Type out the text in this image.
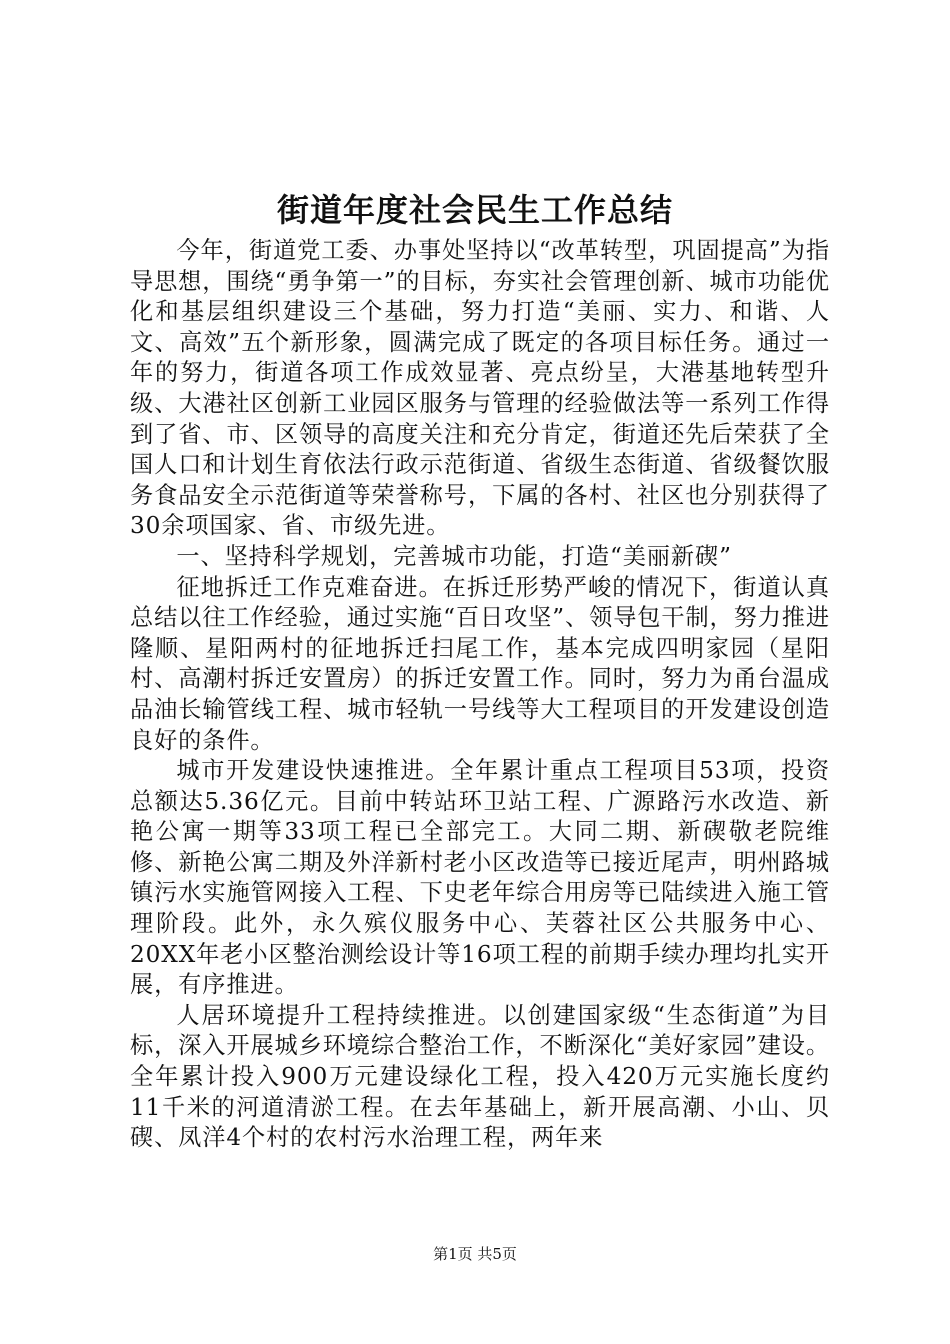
街道年度社会民生工作总结

今年，街道党工委、办事处坚持以“改革转型，巩固提高”为指导思想，围绕“勇争第一”的目标，夯实社会管理创新、城市功能优化和基层组织建设三个基础，努力打造“美丽、实力、和谐、人文、高效”五个新形象，圆满完成了既定的各项目标任务。通过一年的努力，街道各项工作成效显著、亮点纷呈，大港基地转型升级、大港社区创新工业园区服务与管理的经验做法等一系列工作得到了省、市、区领导的高度关注和充分肯定，街道还先后荣获了全国人口和计划生育依法行政示范街道、省级生态街道、省级餐饮服务食品安全示范街道等荣誉称号，下属的各村、社区也分别获得了30余项国家、省、市级先进。

一、坚持科学规划，完善城市功能，打造“美丽新碶”

征地拆迁工作克难奋进。在拆迁形势严峻的情况下，街道认真总结以往工作经验，通过实施“百日攻坚”、领导包干制，努力推进隆顺、星阳两村的征地拆迁扫尾工作，基本完成四明家园（星阳村、高潮村拆迁安置房）的拆迁安置工作。同时，努力为甬台温成品油长输管线工程、城市轻轨一号线等大工程项目的开发建设创造良好的条件。

城市开发建设快速推进。全年累计重点工程项目53项，投资总额达5.36亿元。目前中转站环卫站工程、广源路污水改造、新艳公寓一期等33项工程已全部完工。大同二期、新碶敬老院维修、新艳公寓二期及外洋新村老小区改造等已接近尾声，明州路城镇污水实施管网接入工程、下史老年综合用房等已陆续进入施工管理阶段。此外，永久殡仪服务中心、芙蓉社区公共服务中心、20XX年老小区整治测绘设计等16项工程的前期手续办理均扎实开展，有序推进。

人居环境提升工程持续推进。以创建国家级“生态街道”为目标，深入开展城乡环境综合整治工作，不断深化“美好家园”建设。全年累计投入900万元建设绿化工程，投入420万元实施长度约11千米的河道清淤工程。在去年基础上，新开展高潮、小山、贝碶、凤洋4个村的农村污水治理工程，两年来

第1页 共5页
